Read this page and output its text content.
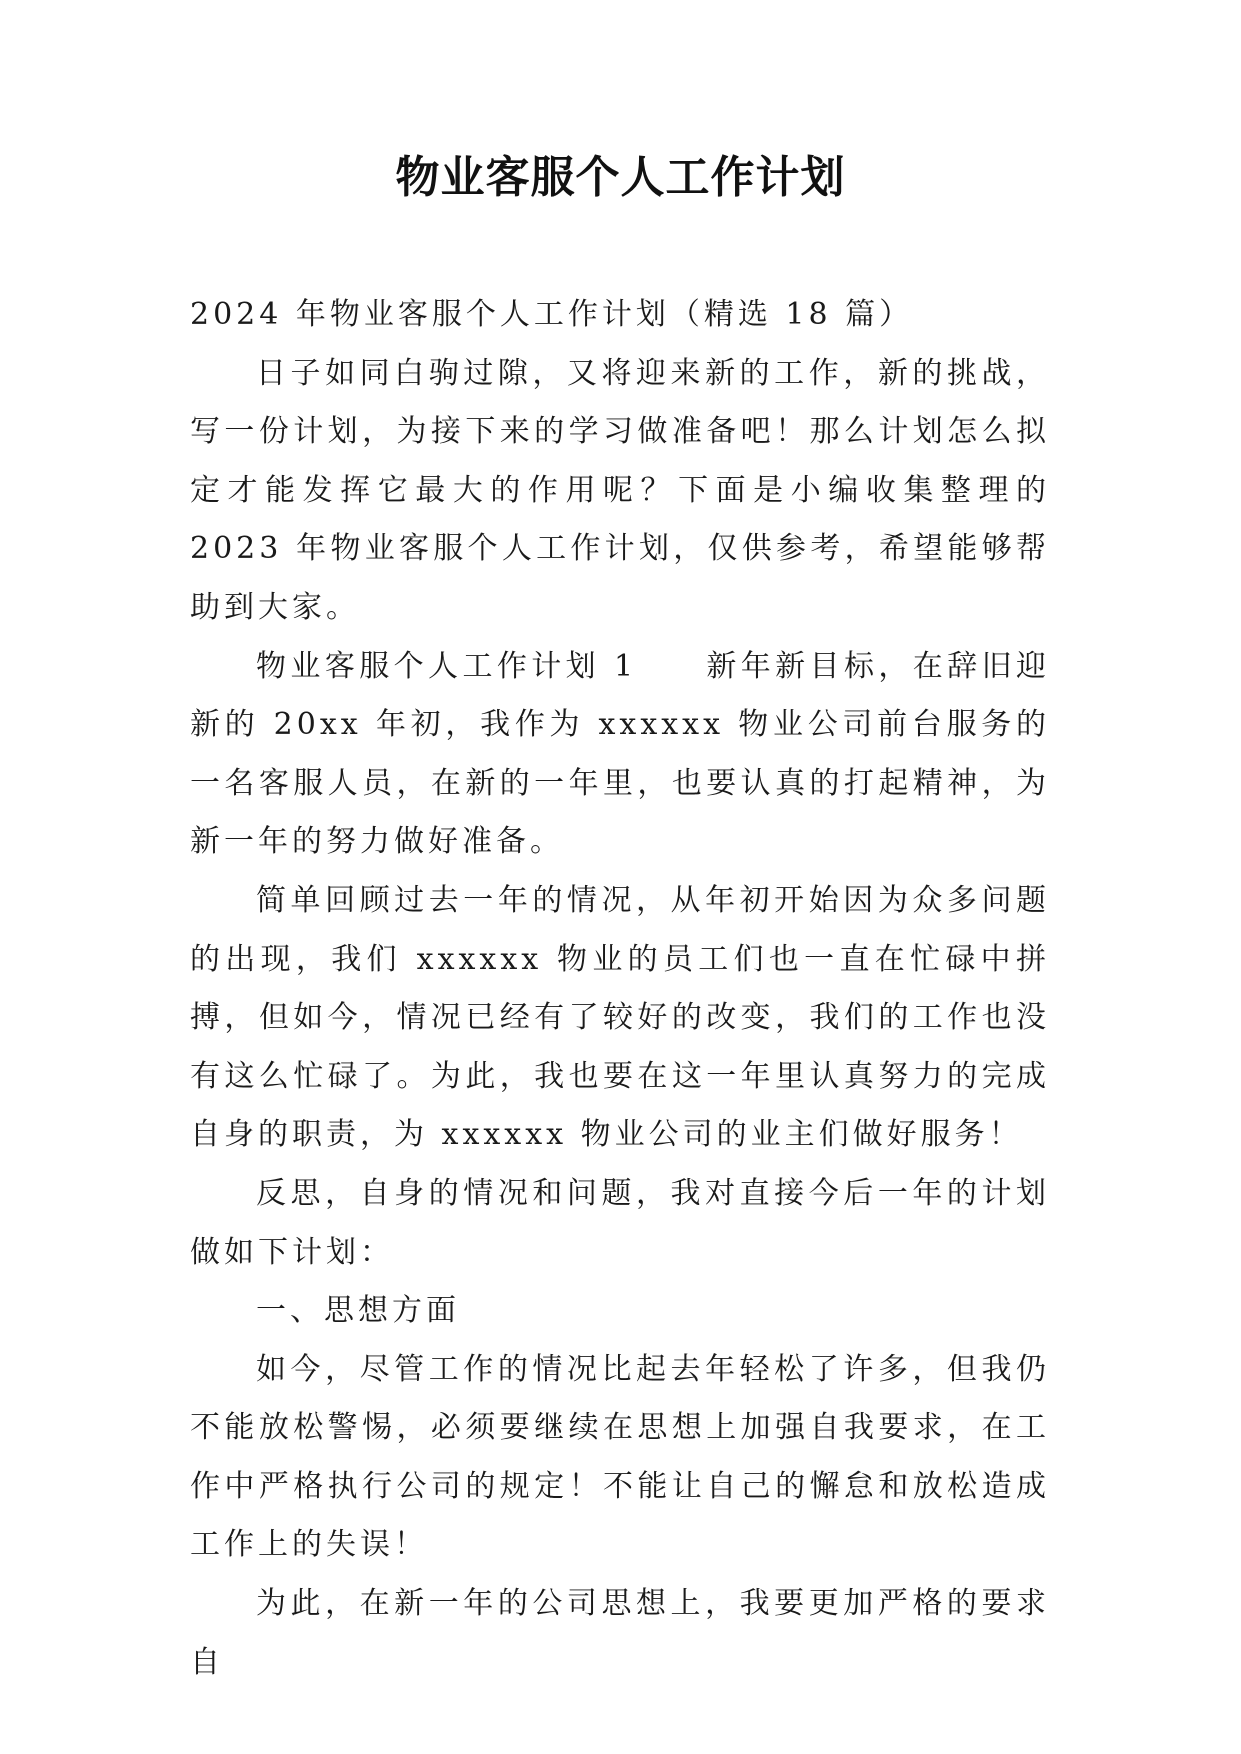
物业客服个人工作计划

2024 年物业客服个人工作计划（精选 18 篇）

日子如同白驹过隙，又将迎来新的工作，新的挑战，写一份计划，为接下来的学习做准备吧！那么计划怎么拟定才能发挥它最大的作用呢？下面是小编收集整理的 2023 年物业客服个人工作计划，仅供参考，希望能够帮助到大家。

物业客服个人工作计划 1　　新年新目标，在辞旧迎新的 20xx 年初，我作为 xxxxxx 物业公司前台服务的一名客服人员，在新的一年里，也要认真的打起精神，为新一年的努力做好准备。

简单回顾过去一年的情况，从年初开始因为众多问题的出现，我们 xxxxxx 物业的员工们也一直在忙碌中拼搏，但如今，情况已经有了较好的改变，我们的工作也没有这么忙碌了。为此，我也要在这一年里认真努力的完成自身的职责，为 xxxxxx 物业公司的业主们做好服务！

反思，自身的情况和问题，我对直接今后一年的计划做如下计划：

一、思想方面

如今，尽管工作的情况比起去年轻松了许多，但我仍不能放松警惕，必须要继续在思想上加强自我要求，在工作中严格执行公司的规定！不能让自己的懈怠和放松造成工作上的失误！

为此，在新一年的公司思想上，我要更加严格的要求自
